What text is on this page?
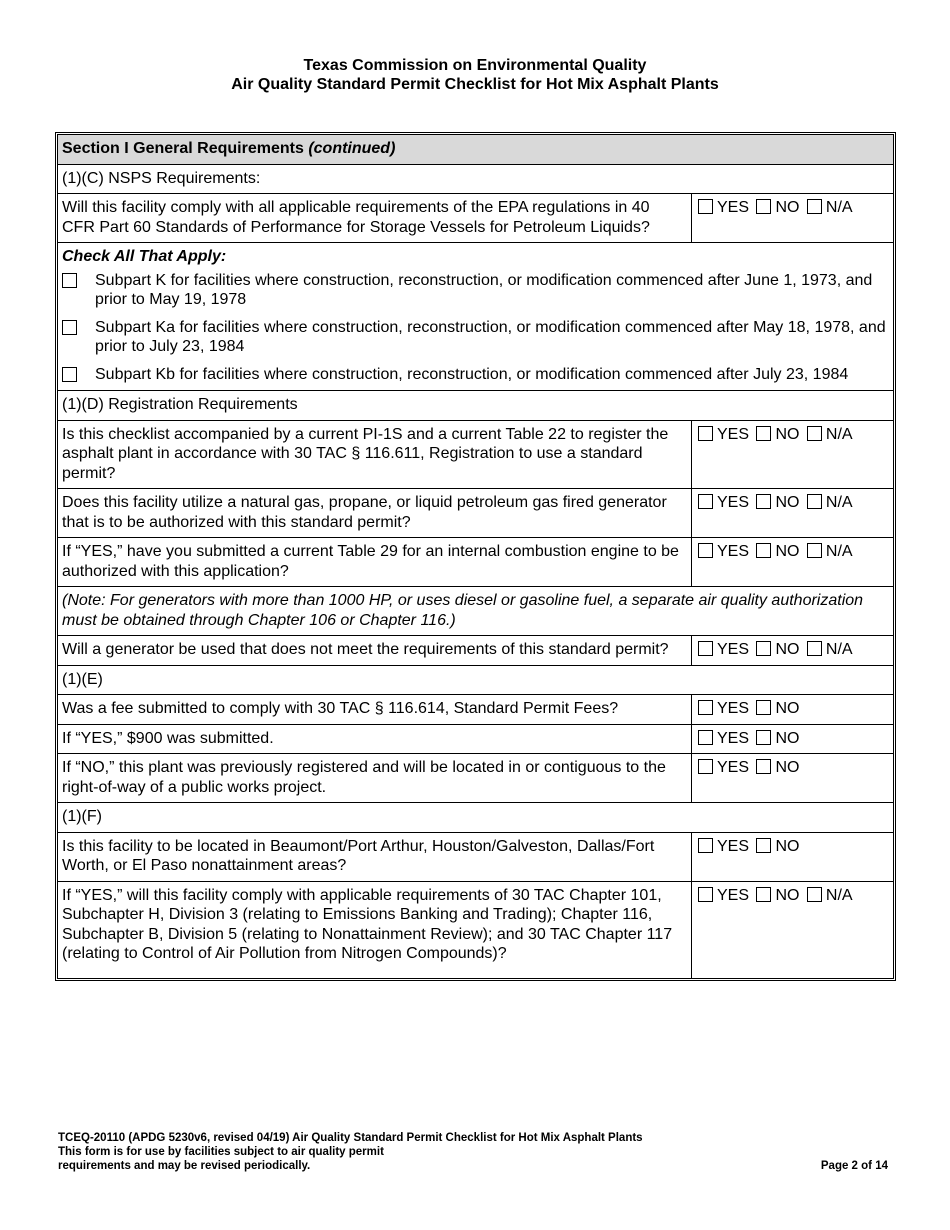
Texas Commission on Environmental Quality
Air Quality Standard Permit Checklist for Hot Mix Asphalt Plants
Section I General Requirements (continued)	
(1)(C) NSPS Requirements:	
Will this facility comply with all applicable requirements of the EPA regulations in 40 CFR Part 60 Standards of Performance for Storage Vessels for Petroleum Liquids?	YES NO N/A

Check All That Apply:
Subpart K for facilities where construction, reconstruction, or modification commenced after June 1, 1973, and prior to May 19, 1978
Subpart Ka for facilities where construction, reconstruction, or modification commenced after May 18, 1978, and prior to July 23, 1984
Subpart Kb for facilities where construction, reconstruction, or modification commenced after July 23, 1984	

(1)(D) Registration Requirements	
Is this checklist accompanied by a current PI-1S and a current Table 22 to register the asphalt plant in accordance with 30 TAC § 116.611, Registration to use a standard permit?	YES NO N/A
Does this facility utilize a natural gas, propane, or liquid petroleum gas fired generator that is to be authorized with this standard permit?	YES NO N/A
If “YES,” have you submitted a current Table 29 for an internal combustion engine to be authorized with this application?	YES NO N/A
(Note: For generators with more than 1000 HP, or uses diesel or gasoline fuel, a separate air quality authorization must be obtained through Chapter 106 or Chapter 116.)	
Will a generator be used that does not meet the requirements of this standard permit?	YES NO N/A
(1)(E)	
Was a fee submitted to comply with 30 TAC § 116.614, Standard Permit Fees?	YES NO
If “YES,” $900 was submitted.	YES NO
If “NO,” this plant was previously registered and will be located in or contiguous to the right-of-way of a public works project.	YES NO
(1)(F)	
Is this facility to be located in Beaumont/Port Arthur, Houston/Galveston, Dallas/Fort Worth, or El Paso nonattainment areas?	YES NO
If “YES,” will this facility comply with applicable requirements of 30 TAC Chapter 101, Subchapter H, Division 3 (relating to Emissions Banking and Trading); Chapter 116, Subchapter B, Division 5 (relating to Nonattainment Review); and 30 TAC Chapter 117 (relating to Control of Air Pollution from Nitrogen Compounds)?	YES NO N/A
TCEQ-20110 (APDG 5230v6, revised 04/19) Air Quality Standard Permit Checklist for Hot Mix Asphalt Plants
This form is for use by facilities subject to air quality permit
requirements and may be revised periodically.	Page 2 of 14
